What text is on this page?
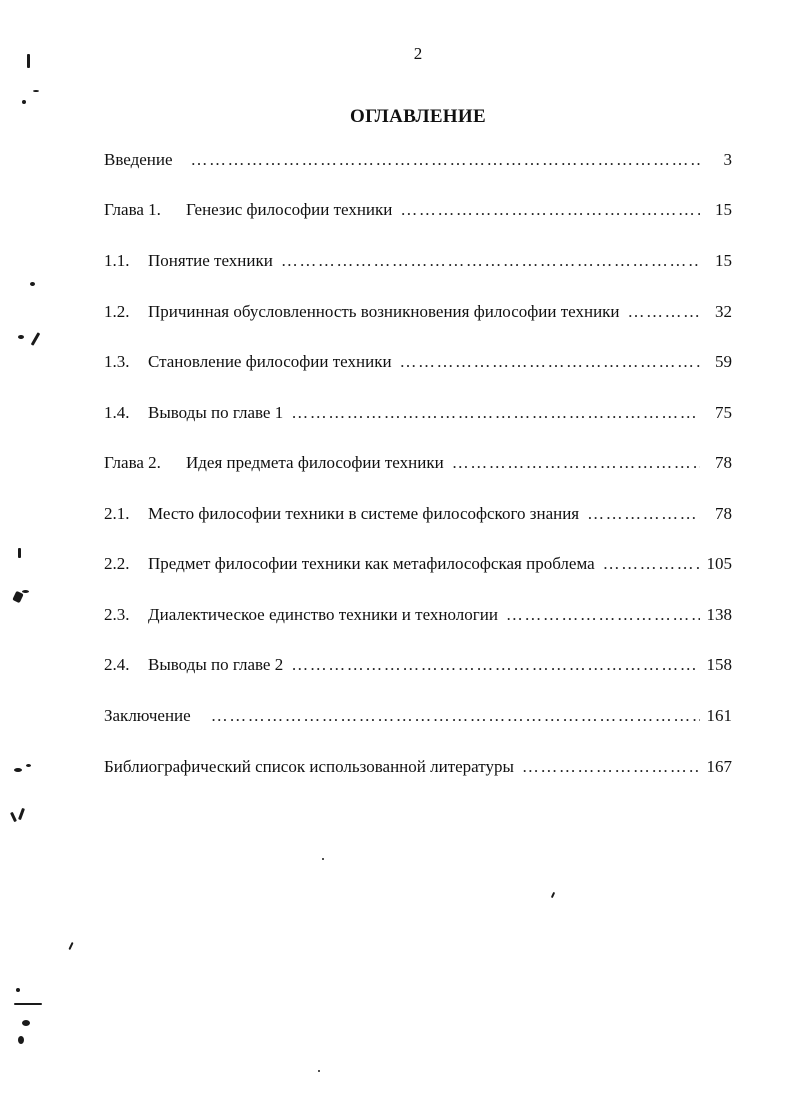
2
ОГЛАВЛЕНИЕ
Введение ……………………………………………………………………………………………………………………………………………	3
Глава 1.	Генезис философии техники ……………………………………………………………………………………………………………………………………………	15
1.1.	Понятие техники ……………………………………………………………………………………………………………………………………………	15
1.2.	Причинная обусловленность возникновения философии техники ……………………………………………………………………………………………………………………………………………	32
1.3.	Становление философии техники ……………………………………………………………………………………………………………………………………………	59
1.4.	Выводы по главе 1 ……………………………………………………………………………………………………………………………………………	75
Глава 2.	Идея предмета философии техники ……………………………………………………………………………………………………………………………………………	78
2.1.	Место философии техники в системе философского знания ……………………………………………………………………………………………………………………………………………	78
2.2.	Предмет философии техники как метафилософская проблема ……………………………………………………………………………………………………………………………………………	105
2.3.	Диалектическое единство техники и технологии ……………………………………………………………………………………………………………………………………………	138
2.4.	Выводы по главе 2 ……………………………………………………………………………………………………………………………………………	158
Заключение ……………………………………………………………………………………………………………………………………………	161
Библиографический список использованной литературы ……………………………………………………………………………………………………………………………………………	167
